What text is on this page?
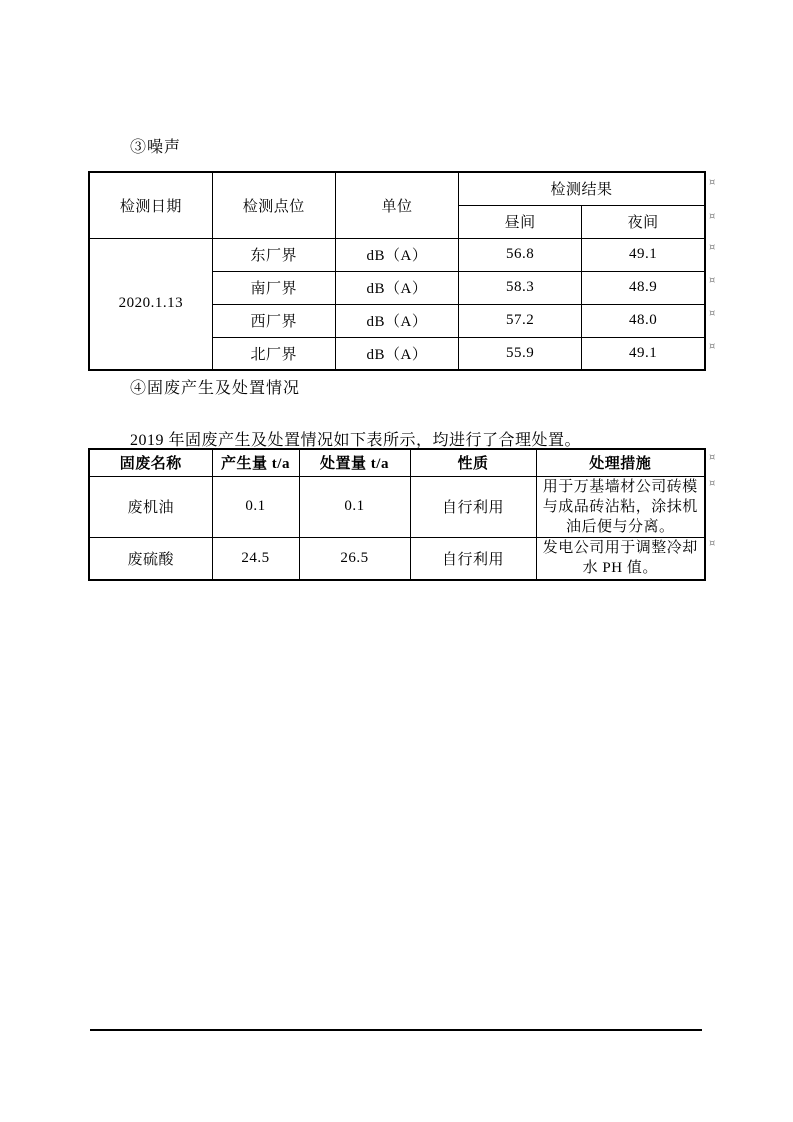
③噪声
检测日期	检测点位	单位	检测结果	
			昼间	夜间
2020.1.13	东厂界	dB（A）	56.8	49.1
	南厂界	dB（A）	58.3	48.9
	西厂界	dB（A）	57.2	48.0
	北厂界	dB（A）	55.9	49.1
④固废产生及处置情况

2019 年固废产生及处置情况如下表所示，均进行了合理处置。

固废名称	产生量 t/a	处置量 t/a	性质	处理措施
废机油	0.1	0.1	自行利用	用于万基墙材公司砖模与成品砖沾粘，涂抹机油后便与分离。
废硫酸	24.5	26.5	自行利用	发电公司用于调整冷却水 PH 值。
¤
¤
¤
¤
¤
¤
¤
¤
¤
